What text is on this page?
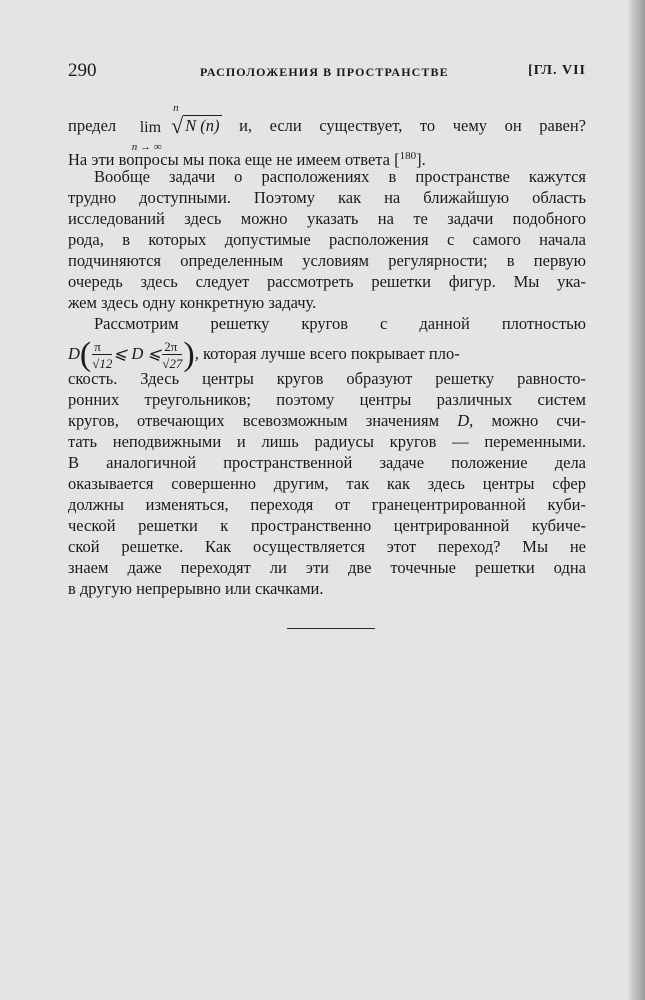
290	РАСПОЛОЖЕНИЯ В ПРОСТРАНСТВЕ	[ГЛ. VII
предел lim
n → ∞
n
√ N (n) и, если существует, то чему он равен?
На эти вопросы мы пока еще не имеем ответа [$^{180}$].
Вообще задачи о расположениях в пространстве кажутся
трудно доступными. Поэтому как на ближайшую область
исследований здесь можно указать на те задачи подобного
рода, в которых допустимые расположения с самого начала
подчиняются определенным условиям регулярности; в первую
очередь здесь следует рассмотреть решетки фигур. Мы ука-
жем здесь одну конкретную задачу.
Рассмотрим решетку кругов с данной плотностью
$D( \frac{\pi}{√12}$ ⩽ D ⩽ $\frac{2\pi}{√27}$ ), которая лучше всего покрывает пло-
скость. Здесь центры кругов образуют решетку равносто-
ронних треугольников; поэтому центры различных систем
кругов, отвечающих всевозможным значениям D, можно счи-
тать неподвижными и лишь радиусы кругов — переменными.
В аналогичной пространственной задаче положение дела
оказывается совершенно другим, так как здесь центры сфер
должны изменяться, переходя от гранецентрированной куби-
ческой решетки к пространственно центрированной кубиче-
ской решетке. Как осуществляется этот переход? Мы не
знаем даже переходят ли эти две точечные решетки одна
в другую непрерывно или скачками.
